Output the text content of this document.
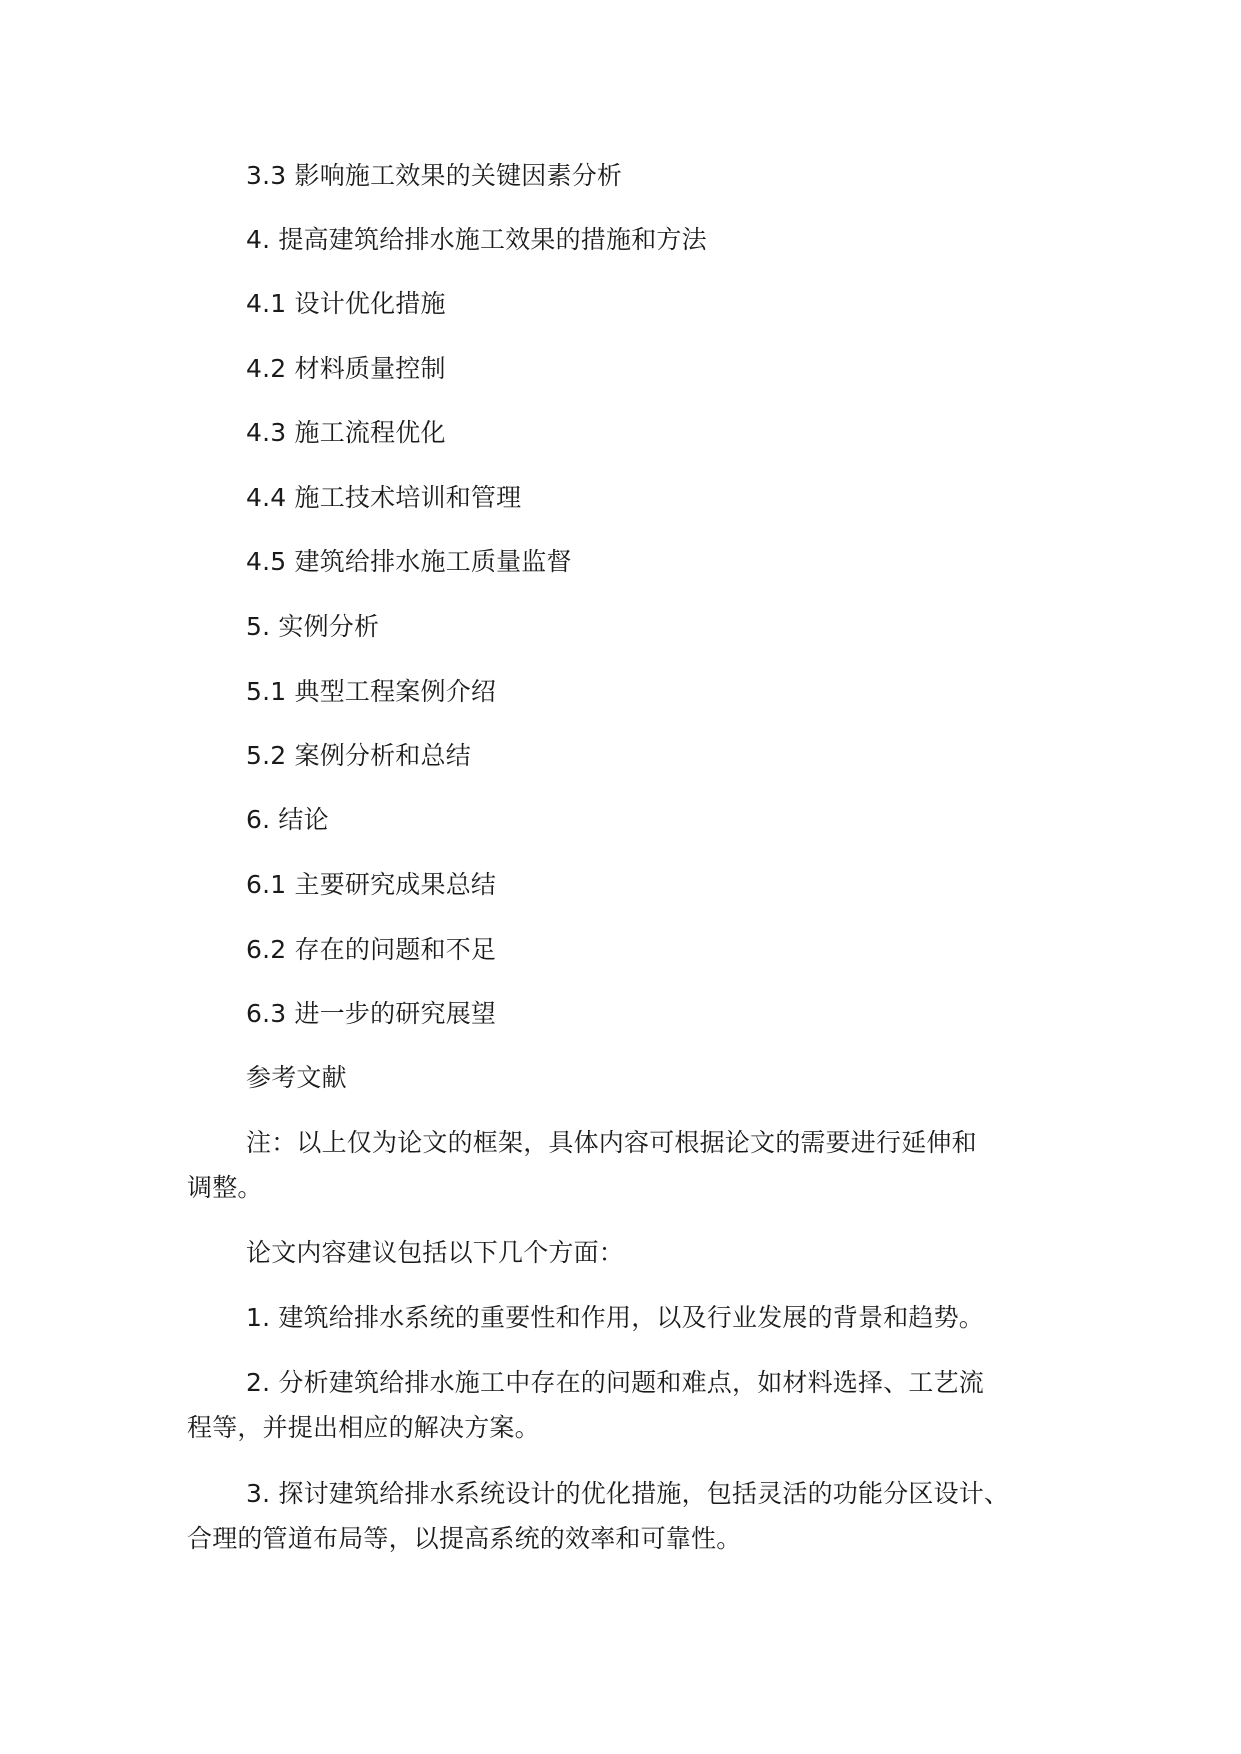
3.3 影响施工效果的关键因素分析
4. 提高建筑给排水施工效果的措施和方法
4.1 设计优化措施
4.2 材料质量控制
4.3 施工流程优化
4.4 施工技术培训和管理
4.5 建筑给排水施工质量监督
5. 实例分析
5.1 典型工程案例介绍
5.2 案例分析和总结
6. 结论
6.1 主要研究成果总结
6.2 存在的问题和不足
6.3 进一步的研究展望
参考文献
注：以上仅为论文的框架，具体内容可根据论文的需要进行延伸和
调整。
论文内容建议包括以下几个方面：
1. 建筑给排水系统的重要性和作用，以及行业发展的背景和趋势。
2. 分析建筑给排水施工中存在的问题和难点，如材料选择、工艺流
程等，并提出相应的解决方案。
3. 探讨建筑给排水系统设计的优化措施，包括灵活的功能分区设计、
合理的管道布局等，以提高系统的效率和可靠性。
